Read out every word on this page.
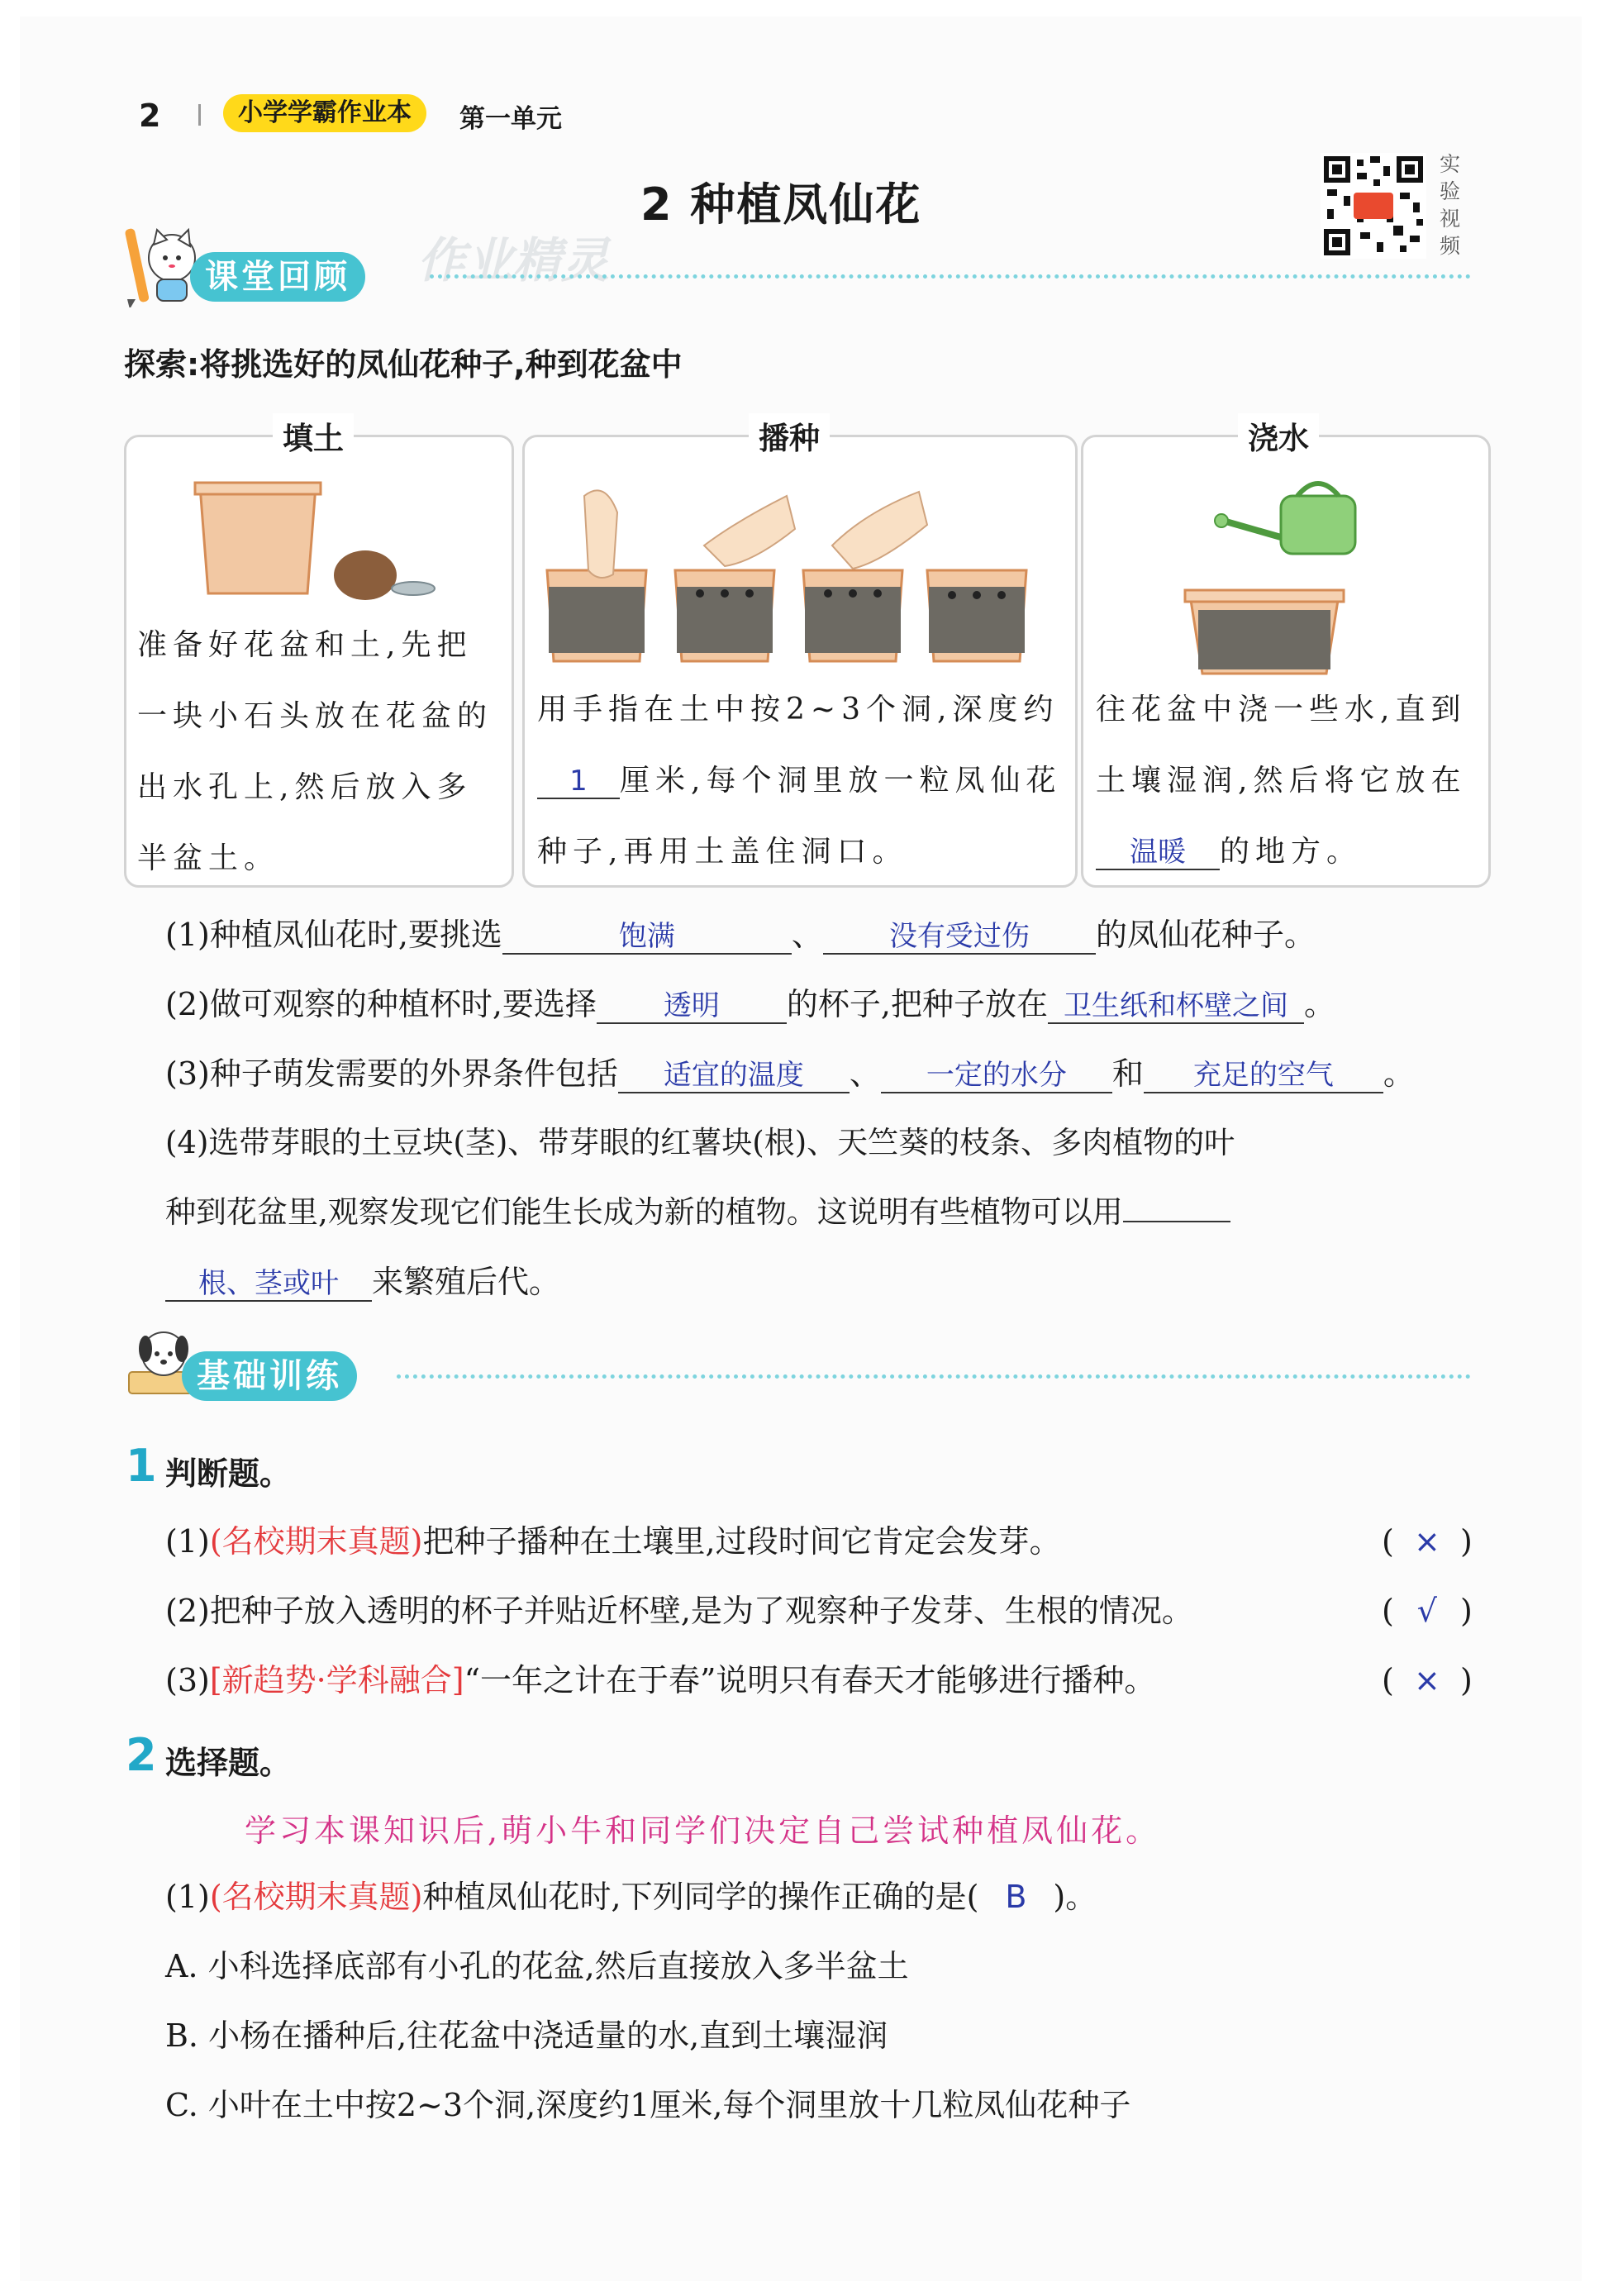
2	小学学霸作业本	第一单元
2 种植凤仙花
实验视频
课堂回顾	作业精灵
探索:将挑选好的凤仙花种子,种到花盆中
填土
准备好花盆和土,先把一块小石头放在花盆的出水孔上,然后放入多半盆土。
播种
用手指在土中按2~3个洞,深度约1 厘米,每个洞里放一粒凤仙花种子,再用土盖住洞口。
浇水
往花盆中浇一些水,直到土壤湿润,然后将它放在温暖 的地方。
(1)种植凤仙花时,要挑选	饱满	、 没有受过伤 的凤仙花种子。
(2)做可观察的种植杯时,要选择 透明 的杯子,把种子放在 卫生纸和杯壁之间 。
(3)种子萌发需要的外界条件包括 适宜的温度 、 一定的水分 和 充足的空气 。
(4)选带芽眼的土豆块(茎)、带芽眼的红薯块(根)、天竺葵的枝条、多肉植物的叶
种到花盆里,观察发现它们能生长成为新的植物。这说明有些植物可以用
根、茎或叶 来繁殖后代。
基础训练
1 判断题。
(1)(名校期末真题)把种子播种在土壤里,过段时间它肯定会发芽。	( × )
(2)把种子放入透明的杯子并贴近杯壁,是为了观察种子发芽、生根的情况。	( √ )
(3)[新趋势·学科融合]“一年之计在于春”说明只有春天才能够进行播种。	( × )
2 选择题。
学习本课知识后,萌小牛和同学们决定自己尝试种植凤仙花。
(1)(名校期末真题)种植凤仙花时,下列同学的操作正确的是( B )。
A. 小科选择底部有小孔的花盆,然后直接放入多半盆土
B. 小杨在播种后,往花盆中浇适量的水,直到土壤湿润
C. 小叶在土中按2~3个洞,深度约1厘米,每个洞里放十几粒凤仙花种子
